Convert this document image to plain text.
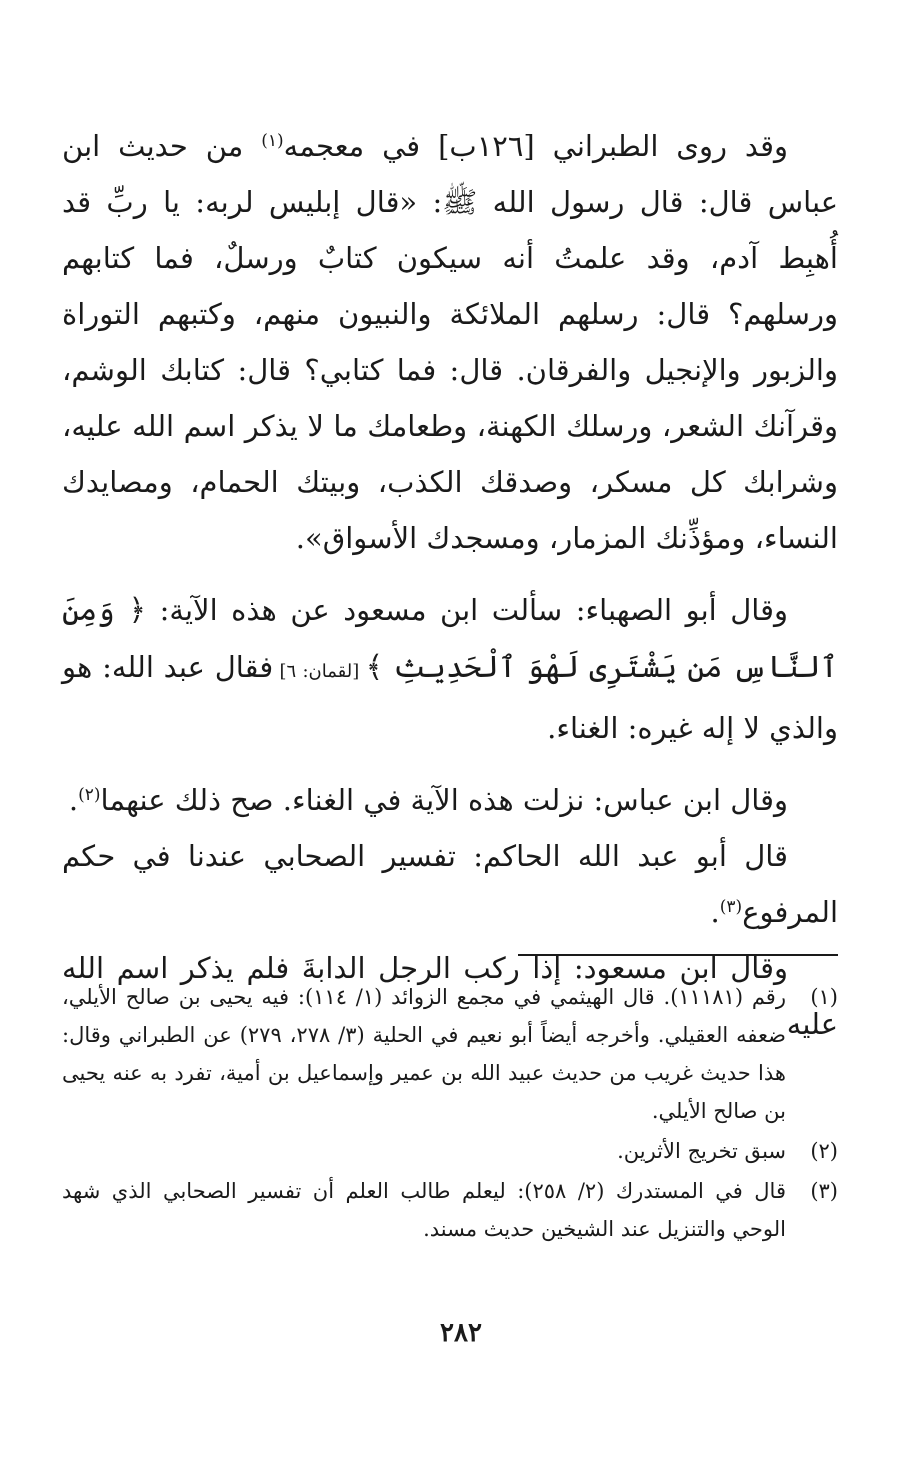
وقد روى الطبراني [١٢٦ب] في معجمه$^{(١)}$ من حديث ابن عباس قال: قال رسول الله ﷺ: «قال إبليس لربه: يا ربِّ قد أُهبِط آدم، وقد علمتُ أنه سيكون كتابٌ ورسلٌ، فما كتابهم ورسلهم؟ قال: رسلهم الملائكة والنبيون منهم، وكتبهم التوراة والزبور والإنجيل والفرقان. قال: فما كتابي؟ قال: كتابك الوشم، وقرآنك الشعر، ورسلك الكهنة، وطعامك ما لا يذكر اسم الله عليه، وشرابك كل مسكر، وصدقك الكذب، وبيتك الحمام، ومصايدك النساء، ومؤذِّنك المزمار، ومسجدك الأسواق».

وقال أبو الصهباء: سألت ابن مسعود عن هذه الآية: ﴿ وَمِنَ ٱلنَّاسِ مَن يَشْتَرِى لَهْوَ ٱلْحَدِيثِ ﴾ [لقمان: ٦] فقال عبد الله: هو والذي لا إله غيره: الغناء.

وقال ابن عباس: نزلت هذه الآية في الغناء. صح ذلك عنهما$^{(٢)}$.

قال أبو عبد الله الحاكم: تفسير الصحابي عندنا في حكم المرفوع$^{(٣)}$.

وقال ابن مسعود: إذا ركب الرجل الدابةَ فلم يذكر اسم الله عليه

(١)
رقم (١١١٨١). قال الهيثمي في مجمع الزوائد (١/ ١١٤): فيه يحيى بن صالح الأيلي، ضعفه العقيلي. وأخرجه أيضاً أبو نعيم في الحلية (٣/ ٢٧٨، ٢٧٩) عن الطبراني وقال: هذا حديث غريب من حديث عبيد الله بن عمير وإسماعيل بن أمية، تفرد به عنه يحيى بن صالح الأيلي.
(٢)
سبق تخريج الأثرين.
(٣)
قال في المستدرك (٢/ ٢٥٨): ليعلم طالب العلم أن تفسير الصحابي الذي شهد الوحي والتنزيل عند الشيخين حديث مسند.
٢٨٢
